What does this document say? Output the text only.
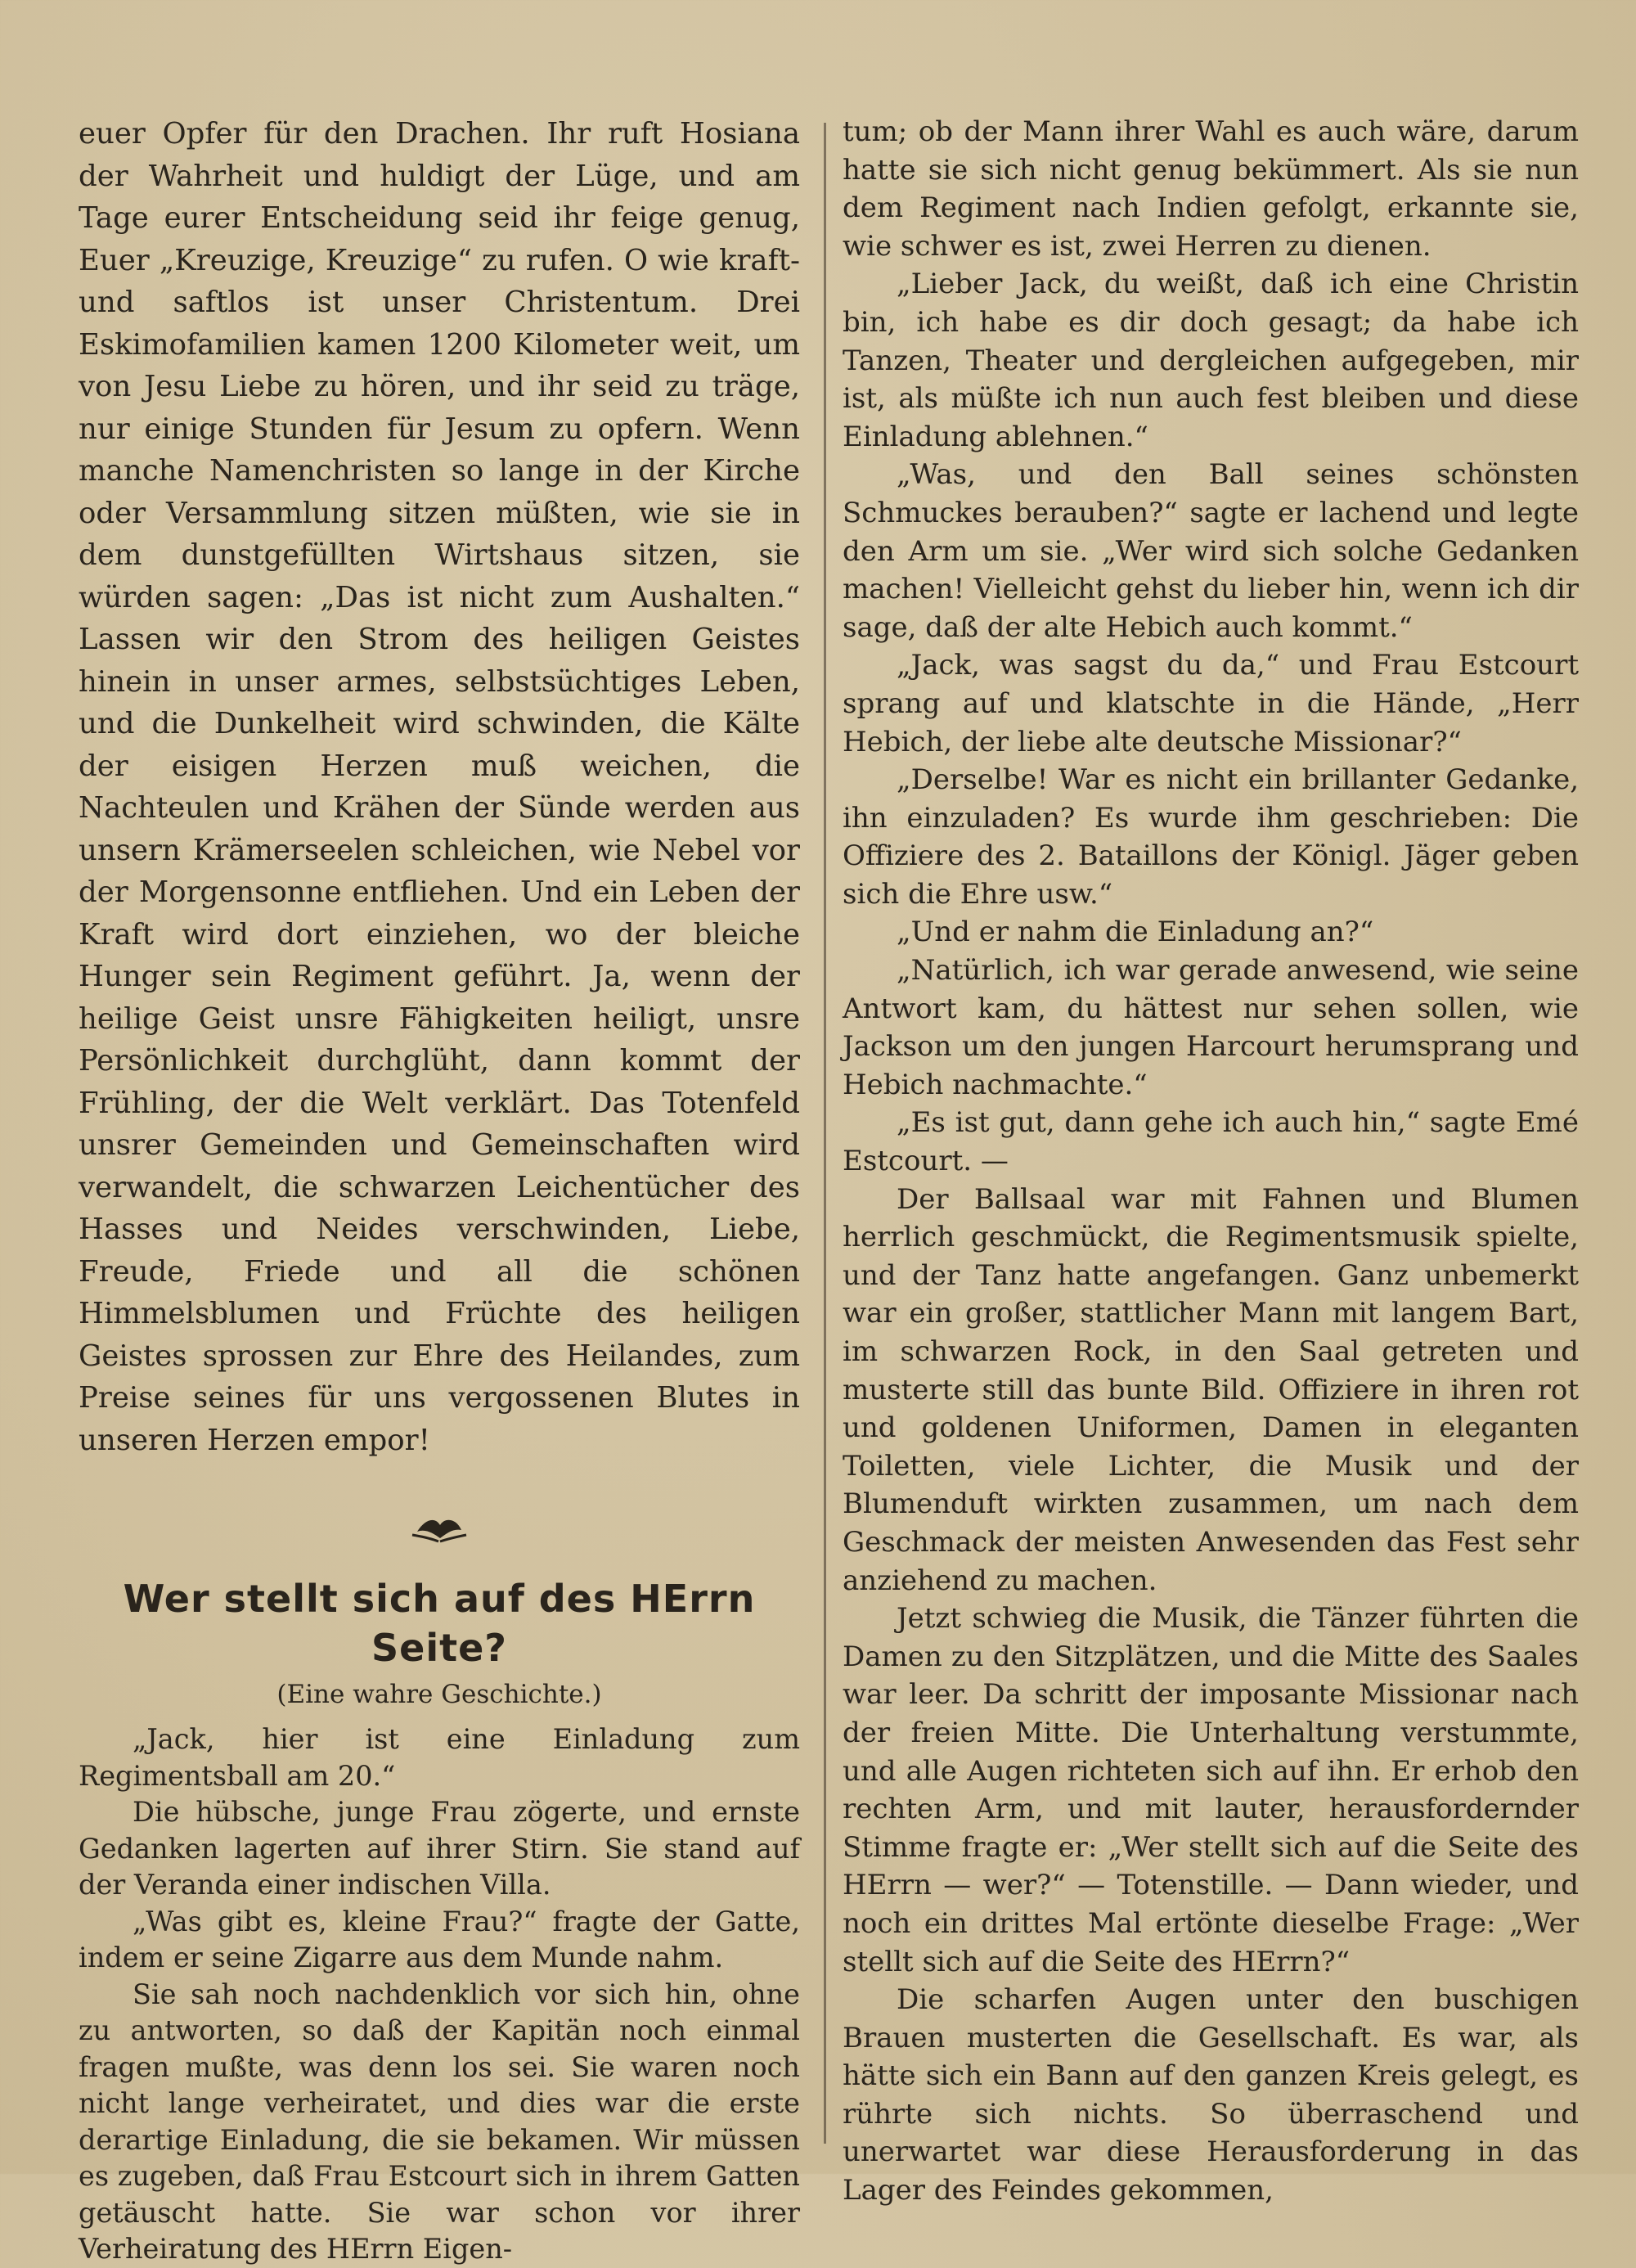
euer Opfer für den Drachen. Ihr ruft Hosiana der Wahrheit und huldigt der Lüge, und am Tage eurer Entscheidung seid ihr feige genug, Euer „Kreuzige, Kreuzige“ zu rufen. O wie kraft- und saftlos ist unser Christentum. Drei Eskimofamilien kamen 1200 Kilometer weit, um von Jesu Liebe zu hören, und ihr seid zu träge, nur einige Stunden für Jesum zu opfern. Wenn manche Namenchristen so lange in der Kirche oder Versammlung sitzen müßten, wie sie in dem dunstgefüllten Wirtshaus sitzen, sie würden sagen: „Das ist nicht zum Aushalten.“ Lassen wir den Strom des heiligen Geistes hinein in unser armes, selbstsüchtiges Leben, und die Dunkelheit wird schwinden, die Kälte der eisigen Herzen muß weichen, die Nachteulen und Krähen der Sünde werden aus unsern Krämerseelen schleichen, wie Nebel vor der Morgensonne entfliehen. Und ein Leben der Kraft wird dort einziehen, wo der bleiche Hunger sein Regiment geführt. Ja, wenn der heilige Geist unsre Fähigkeiten heiligt, unsre Persönlichkeit durchglüht, dann kommt der Frühling, der die Welt verklärt. Das Totenfeld unsrer Gemeinden und Gemeinschaften wird verwandelt, die schwarzen Leichentücher des Hasses und Neides verschwinden, Liebe, Freude, Friede und all die schönen Himmelsblumen und Früchte des heiligen Geistes sprossen zur Ehre des Heilandes, zum Preise seines für uns vergossenen Blutes in unseren Herzen empor!

Wer stellt sich auf des HErrn Seite?
(Eine wahre Geschichte.)

„Jack, hier ist eine Einladung zum Regimentsball am 20.“

Die hübsche, junge Frau zögerte, und ernste Gedanken lagerten auf ihrer Stirn. Sie stand auf der Veranda einer indischen Villa.

„Was gibt es, kleine Frau?“ fragte der Gatte, indem er seine Zigarre aus dem Munde nahm.

Sie sah noch nachdenklich vor sich hin, ohne zu antworten, so daß der Kapitän noch einmal fragen mußte, was denn los sei. Sie waren noch nicht lange verheiratet, und dies war die erste derartige Einladung, die sie bekamen. Wir müssen es zugeben, daß Frau Estcourt sich in ihrem Gatten getäuscht hatte. Sie war schon vor ihrer Verheiratung des HErrn Eigen-

tum; ob der Mann ihrer Wahl es auch wäre, darum hatte sie sich nicht genug bekümmert. Als sie nun dem Regiment nach Indien gefolgt, erkannte sie, wie schwer es ist, zwei Herren zu dienen.

„Lieber Jack, du weißt, daß ich eine Christin bin, ich habe es dir doch gesagt; da habe ich Tanzen, Theater und dergleichen aufgegeben, mir ist, als müßte ich nun auch fest bleiben und diese Einladung ablehnen.“

„Was, und den Ball seines schönsten Schmuckes berauben?“ sagte er lachend und legte den Arm um sie. „Wer wird sich solche Gedanken machen! Vielleicht gehst du lieber hin, wenn ich dir sage, daß der alte Hebich auch kommt.“

„Jack, was sagst du da,“ und Frau Estcourt sprang auf und klatschte in die Hände, „Herr Hebich, der liebe alte deutsche Missionar?“

„Derselbe! War es nicht ein brillanter Gedanke, ihn einzuladen? Es wurde ihm geschrieben: Die Offiziere des 2. Bataillons der Königl. Jäger geben sich die Ehre usw.“

„Und er nahm die Einladung an?“

„Natürlich, ich war gerade anwesend, wie seine Antwort kam, du hättest nur sehen sollen, wie Jackson um den jungen Harcourt herumsprang und Hebich nachmachte.“

„Es ist gut, dann gehe ich auch hin,“ sagte Emé Estcourt. —

Der Ballsaal war mit Fahnen und Blumen herrlich geschmückt, die Regimentsmusik spielte, und der Tanz hatte angefangen. Ganz unbemerkt war ein großer, stattlicher Mann mit langem Bart, im schwarzen Rock, in den Saal getreten und musterte still das bunte Bild. Offiziere in ihren rot und goldenen Uniformen, Damen in eleganten Toiletten, viele Lichter, die Musik und der Blumenduft wirkten zusammen, um nach dem Geschmack der meisten Anwesenden das Fest sehr anziehend zu machen.

Jetzt schwieg die Musik, die Tänzer führten die Damen zu den Sitzplätzen, und die Mitte des Saales war leer. Da schritt der imposante Missionar nach der freien Mitte. Die Unterhaltung verstummte, und alle Augen richteten sich auf ihn. Er erhob den rechten Arm, und mit lauter, herausfordernder Stimme fragte er: „Wer stellt sich auf die Seite des HErrn — wer?“ — Totenstille. — Dann wieder, und noch ein drittes Mal ertönte dieselbe Frage: „Wer stellt sich auf die Seite des HErrn?“

Die scharfen Augen unter den buschigen Brauen musterten die Gesellschaft. Es war, als hätte sich ein Bann auf den ganzen Kreis gelegt, es rührte sich nichts. So überraschend und unerwartet war diese Herausforderung in das Lager des Feindes gekommen,
